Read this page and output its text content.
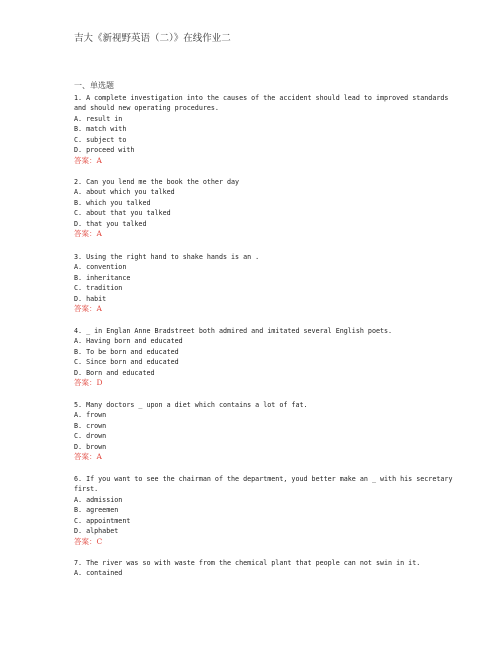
吉大《新视野英语（二）》在线作业二
一、单选题
1. A complete investigation into the causes of the accident should lead to improved standards
and should new operating procedures.
A. result in
B. match with
C. subject to
D. proceed with
答案：A
2. Can you lend me the book the other day
A. about which you talked
B. which you talked
C. about that you talked
D. that you talked
答案：A
3. Using the right hand to shake hands is an .
A. convention
B. inheritance
C. tradition
D. habit
答案：A
4. _ in Englan Anne Bradstreet both admired and imitated several English poets.
A. Having born and educated
B. To be born and educated
C. Since born and educated
D. Born and educated
答案：D
5. Many doctors _ upon a diet which contains a lot of fat.
A. frown
B. crown
C. drown
D. brown
答案：A
6. If you want to see the chairman of the department, youd better make an _ with his secretary
first.
A. admission
B. agreemen
C. appointment
D. alphabet
答案：C
7. The river was so with waste from the chemical plant that people can not swin in it.
A. contained
